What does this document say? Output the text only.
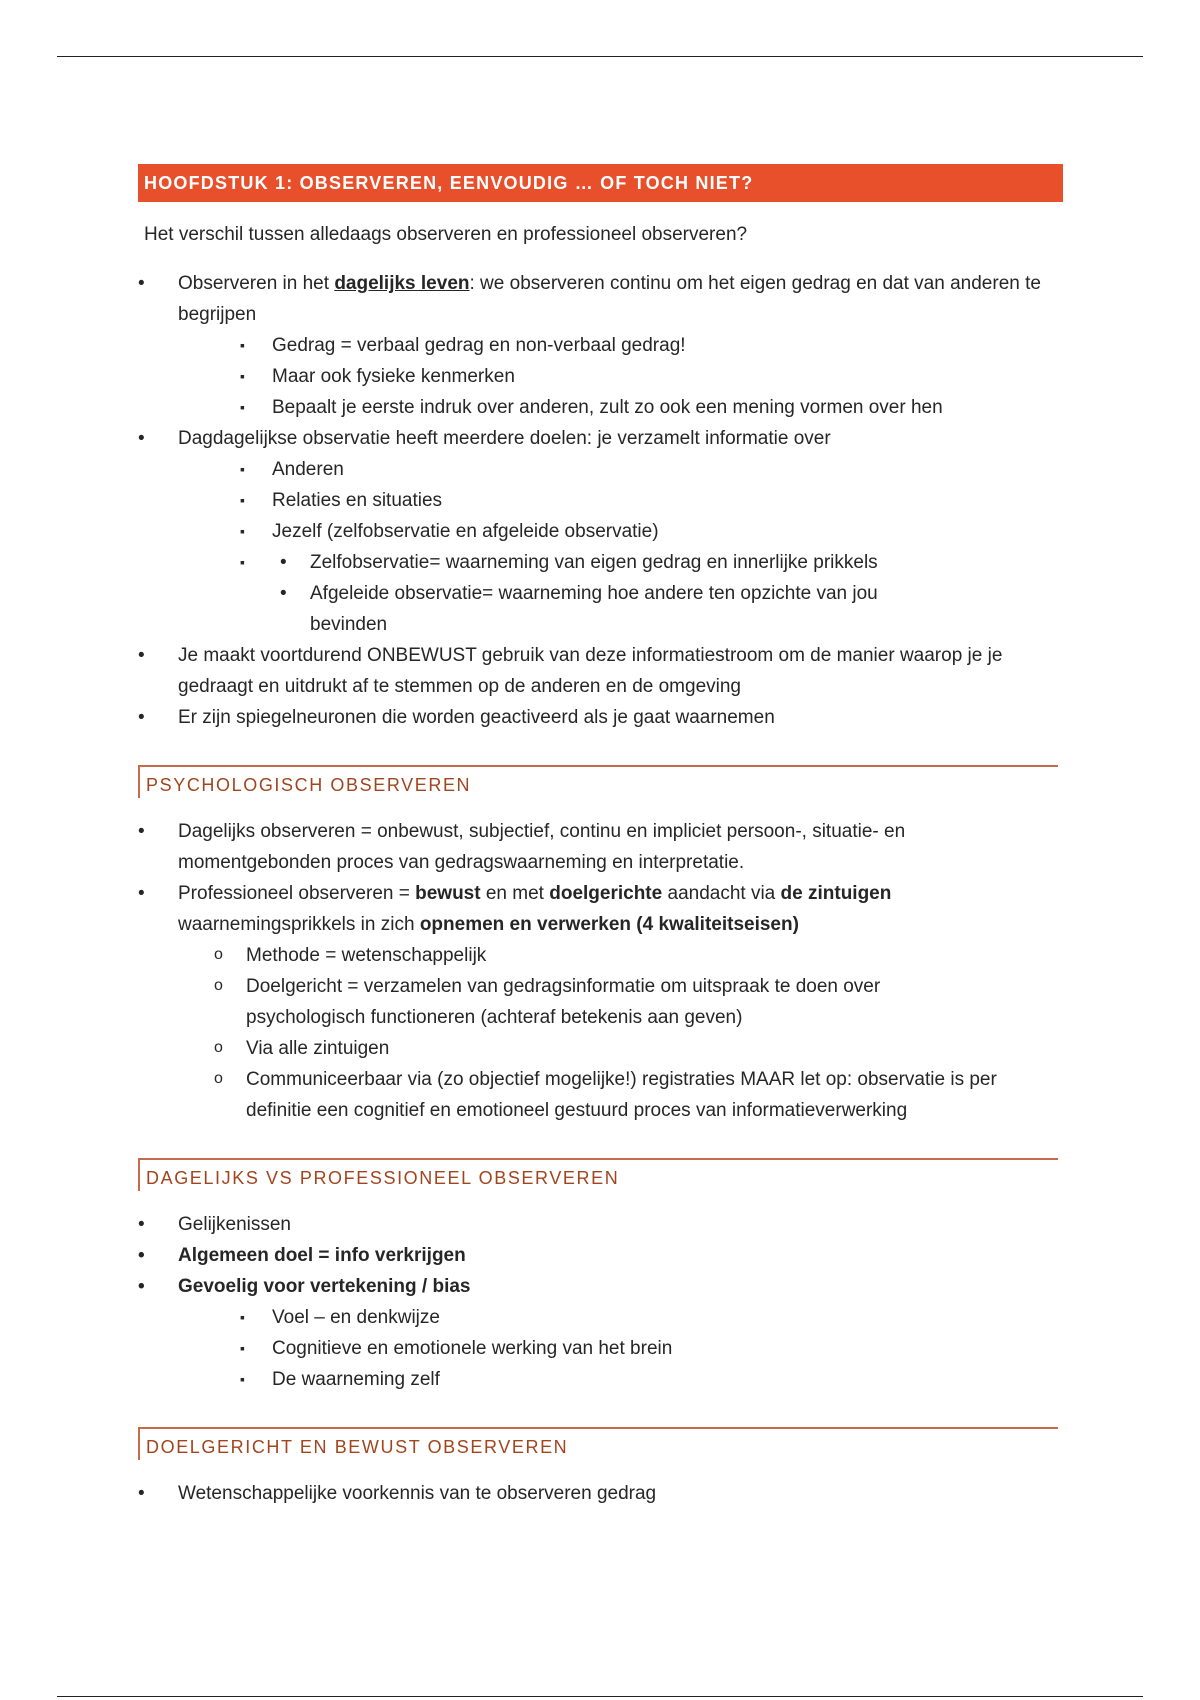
HOOFDSTUK 1: OBSERVEREN, EENVOUDIG … OF TOCH NIET?

Het verschil tussen alledaags observeren en professioneel observeren?

• Observeren in het dagelijks leven: we observeren continu om het eigen gedrag en dat van anderen te begrijpen
▪ Gedrag = verbaal gedrag en non-verbaal gedrag!
▪ Maar ook fysieke kenmerken
▪ Bepaalt je eerste indruk over anderen, zult zo ook een mening vormen over hen
• Dagdagelijkse observatie heeft meerdere doelen: je verzamelt informatie over
▪ Anderen
▪ Relaties en situaties
▪ Jezelf (zelfobservatie en afgeleide observatie)
• ▪ Zelfobservatie= waarneming van eigen gedrag en innerlijke prikkels
• Afgeleide observatie= waarneming hoe andere ten opzichte van jou bevinden
• Je maakt voortdurend ONBEWUST gebruik van deze informatiestroom om de manier waarop je je gedraagt en uitdrukt af te stemmen op de anderen en de omgeving
• Er zijn spiegelneuronen die worden geactiveerd als je gaat waarnemen
PSYCHOLOGISCH OBSERVEREN
• Dagelijks observeren = onbewust, subjectief, continu en impliciet persoon-, situatie- en momentgebonden proces van gedragswaarneming en interpretatie.
• Professioneel observeren = bewust en met doelgerichte aandacht via de zintuigen waarnemingsprikkels in zich opnemen en verwerken (4 kwaliteitseisen)
o Methode = wetenschappelijk
o Doelgericht = verzamelen van gedragsinformatie om uitspraak te doen over psychologisch functioneren (achteraf betekenis aan geven)
o Via alle zintuigen
o Communiceerbaar via (zo objectief mogelijke!) registraties MAAR let op: observatie is per definitie een cognitief en emotioneel gestuurd proces van informatieverwerking
DAGELIJKS VS PROFESSIONEEL OBSERVEREN
• Gelijkenissen
• Algemeen doel = info verkrijgen
• Gevoelig voor vertekening / bias
▪ Voel – en denkwijze
▪ Cognitieve en emotionele werking van het brein
▪ De waarneming zelf
DOELGERICHT EN BEWUST OBSERVEREN
• Wetenschappelijke voorkennis van te observeren gedrag
